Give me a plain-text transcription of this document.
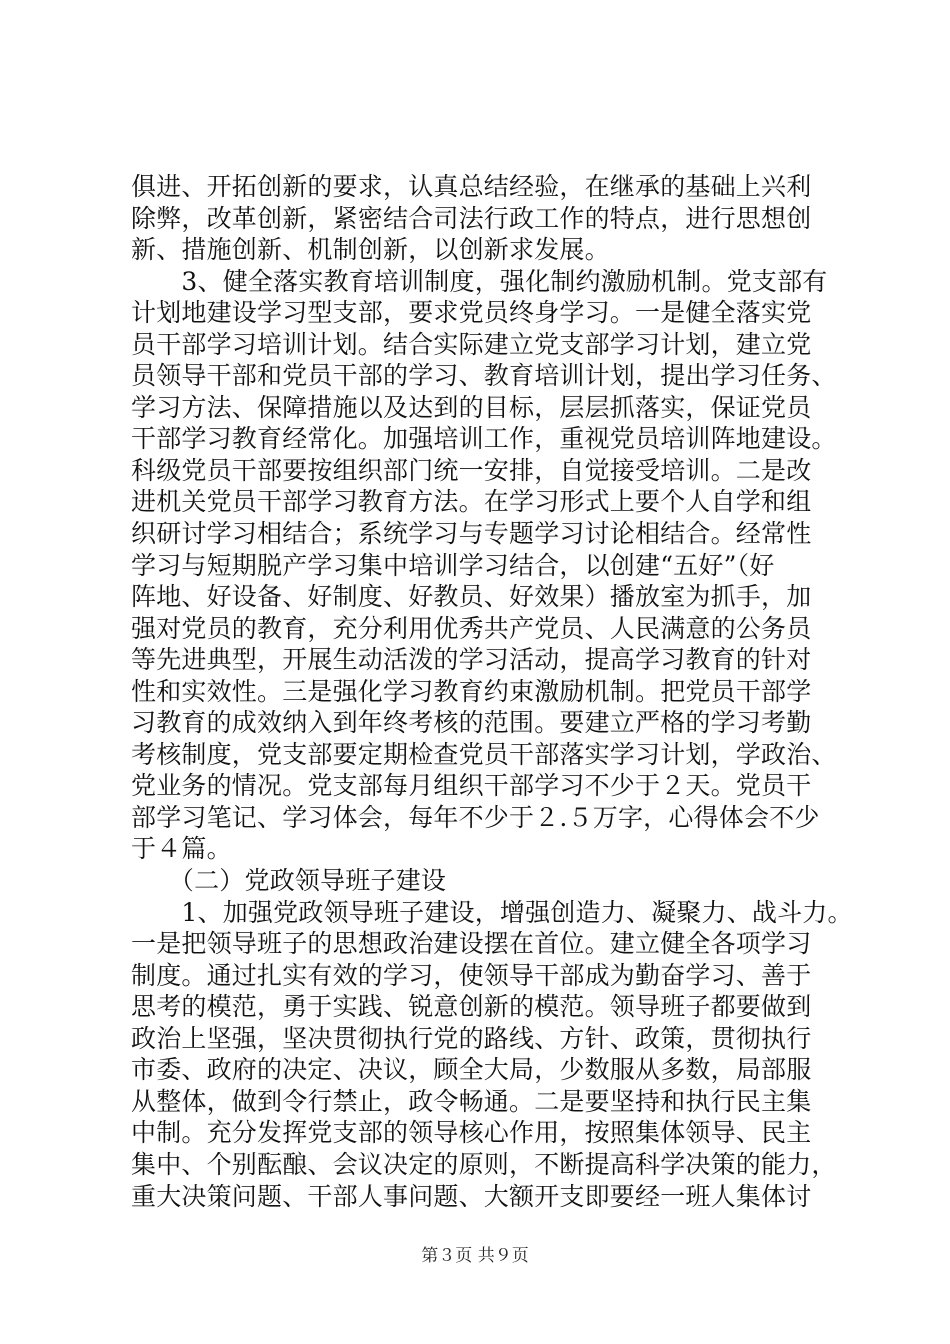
俱进、开拓创新的要求，认真总结经验，在继承的基础上兴利
除弊，改革创新，紧密结合司法行政工作的特点，进行思想创
新、措施创新、机制创新，以创新求发展。
　　3、健全落实教育培训制度，强化制约激励机制。党支部有
计划地建设学习型支部，要求党员终身学习。一是健全落实党
员干部学习培训计划。结合实际建立党支部学习计划，建立党
员领导干部和党员干部的学习、教育培训计划，提出学习任务、
学习方法、保障措施以及达到的目标，层层抓落实，保证党员
干部学习教育经常化。加强培训工作，重视党员培训阵地建设。
科级党员干部要按组织部门统一安排，自觉接受培训。二是改
进机关党员干部学习教育方法。在学习形式上要个人自学和组
织研讨学习相结合；系统学习与专题学习讨论相结合。经常性
学习与短期脱产学习集中培训学习结合，以创建“五好”（好
阵地、好设备、好制度、好教员、好效果）播放室为抓手，加
强对党员的教育，充分利用优秀共产党员、人民满意的公务员
等先进典型，开展生动活泼的学习活动，提高学习教育的针对
性和实效性。三是强化学习教育约束激励机制。把党员干部学
习教育的成效纳入到年终考核的范围。要建立严格的学习考勤
考核制度，党支部要定期检查党员干部落实学习计划，学政治、
党业务的情况。党支部每月组织干部学习不少于２天。党员干
部学习笔记、学习体会，每年不少于２.５万字，心得体会不少
于４篇。
　　（二）党政领导班子建设
　　1、加强党政领导班子建设，增强创造力、凝聚力、战斗力。
一是把领导班子的思想政治建设摆在首位。建立健全各项学习
制度。通过扎实有效的学习，使领导干部成为勤奋学习、善于
思考的模范，勇于实践、锐意创新的模范。领导班子都要做到
政治上坚强，坚决贯彻执行党的路线、方针、政策，贯彻执行
市委、政府的决定、决议，顾全大局，少数服从多数，局部服
从整体，做到令行禁止，政令畅通。二是要坚持和执行民主集
中制。充分发挥党支部的领导核心作用，按照集体领导、民主
集中、个别酝酿、会议决定的原则，不断提高科学决策的能力，
重大决策问题、干部人事问题、大额开支即要经一班人集体讨
第３页 共９页
